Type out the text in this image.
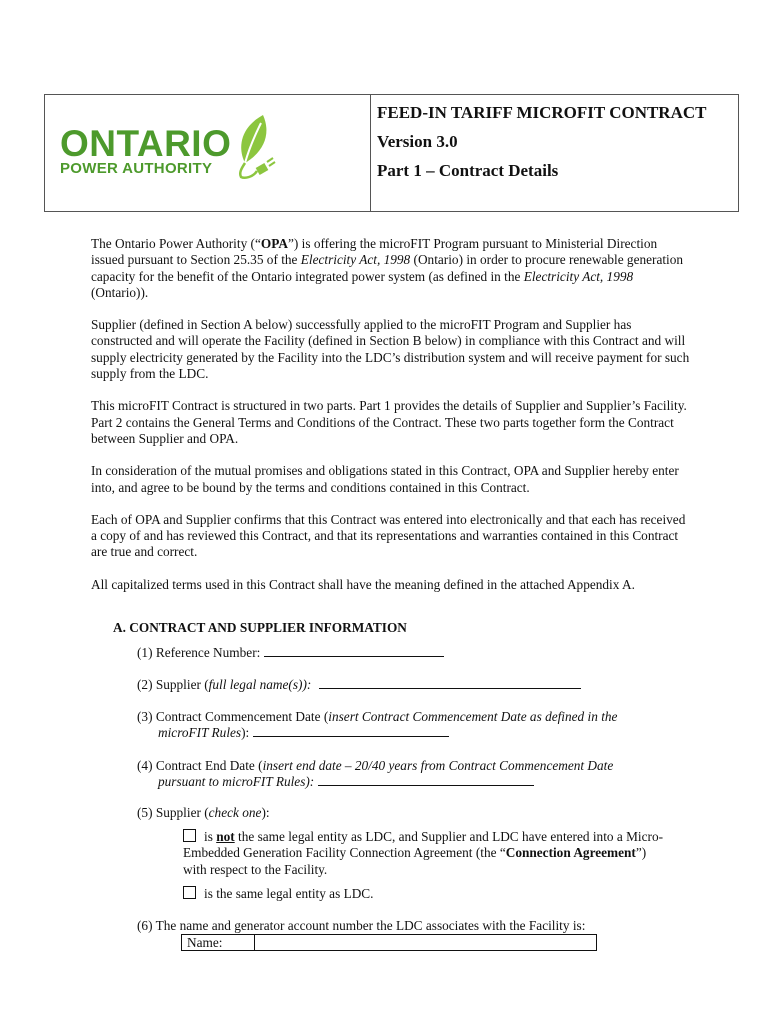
ONTARIO
POWER AUTHORITY

FEED-IN TARIFF MICROFIT CONTRACT

Version 3.0

Part 1 – Contract Details

The Ontario Power Authority (“OPA”) is offering the microFIT Program pursuant to Ministerial Direction issued pursuant to Section 25.35 of the Electricity Act, 1998 (Ontario) in order to procure renewable generation capacity for the benefit of the Ontario integrated power system (as defined in the Electricity Act, 1998 (Ontario)).

Supplier (defined in Section A below) successfully applied to the microFIT Program and Supplier has constructed and will operate the Facility (defined in Section B below) in compliance with this Contract and will supply electricity generated by the Facility into the LDC’s distribution system and will receive payment for such supply from the LDC.

This microFIT Contract is structured in two parts. Part 1 provides the details of Supplier and Supplier’s Facility. Part 2 contains the General Terms and Conditions of the Contract. These two parts together form the Contract between Supplier and OPA.

In consideration of the mutual promises and obligations stated in this Contract, OPA and Supplier hereby enter into, and agree to be bound by the terms and conditions contained in this Contract.

Each of OPA and Supplier confirms that this Contract was entered into electronically and that each has received a copy of and has reviewed this Contract, and that its representations and warranties contained in this Contract are true and correct.

All capitalized terms used in this Contract shall have the meaning defined in the attached Appendix A.

A. CONTRACT AND SUPPLIER INFORMATION
(1) Reference Number:
(2) Supplier (full legal name(s)):
(3) Contract Commencement Date (insert Contract Commencement Date as defined in the
microFIT Rules):
(4) Contract End Date (insert end date – 20/40 years from Contract Commencement Date
pursuant to microFIT Rules):
(5) Supplier (check one):
is not the same legal entity as LDC, and Supplier and LDC have entered into a Micro-Embedded Generation Facility Connection Agreement (the “Connection Agreement”) with respect to the Facility.
is the same legal entity as LDC.
(6) The name and generator account number the LDC associates with the Facility is:
Name:
